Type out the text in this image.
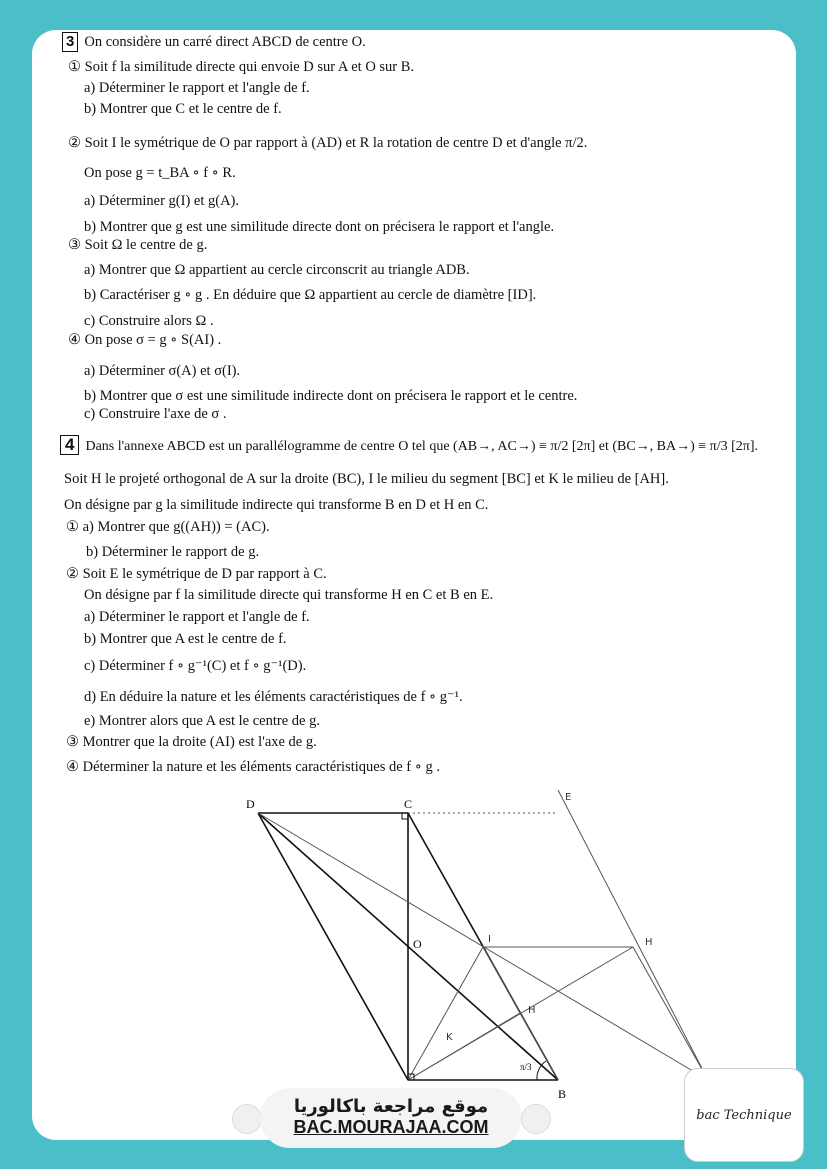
3 On considère un carré direct ABCD de centre O.
① Soit f la similitude directe qui envoie D sur A et O sur B.
a) Déterminer le rapport et l'angle de f.
b) Montrer que C et le centre de f.
② Soit I le symétrique de O par rapport à (AD) et R la rotation de centre D et d'angle π/2.
On pose g = t_BA ∘ f ∘ R.
a) Déterminer g(I) et g(A).
b) Montrer que g est une similitude directe dont on précisera le rapport et l'angle.
③ Soit Ω le centre de g.
a) Montrer que Ω appartient au cercle circonscrit au triangle ADB.
b) Caractériser g ∘ g . En déduire que Ω appartient au cercle de diamètre [ID].
c) Construire alors Ω .
④ On pose σ = g ∘ S(AI) .
a) Déterminer σ(A) et σ(I).
b) Montrer que σ est une similitude indirecte dont on précisera le rapport et le centre.
c) Construire l'axe de σ .
4 Dans l'annexe ABCD est un parallélogramme de centre O tel que (AB→, AC→) ≡ π/2 [2π] et (BC→, BA→) ≡ π/3 [2π].
Soit H le projeté orthogonal de A sur la droite (BC), I le milieu du segment [BC] et K le milieu de [AH].
On désigne par g la similitude indirecte qui transforme B en D et H en C.
① a) Montrer que g((AH)) = (AC).
b) Déterminer le rapport de g.
② Soit E le symétrique de D par rapport à C.
On désigne par f la similitude directe qui transforme H en C et B en E.
a) Déterminer le rapport et l'angle de f.
b) Montrer que A est le centre de f.
c) Déterminer f ∘ g⁻¹(C) et f ∘ g⁻¹(D).
d) En déduire la nature et les éléments caractéristiques de f ∘ g⁻¹.
e) Montrer alors que A est le centre de g.
③ Montrer que la droite (AI) est l'axe de g.
④ Déterminer la nature et les éléments caractéristiques de f ∘ g .
D	C
O
B
E
I	H
H
K
π/3
موقع مراجعة باكالوريا
BAC.MOURAJAA.COM
bac Technique
